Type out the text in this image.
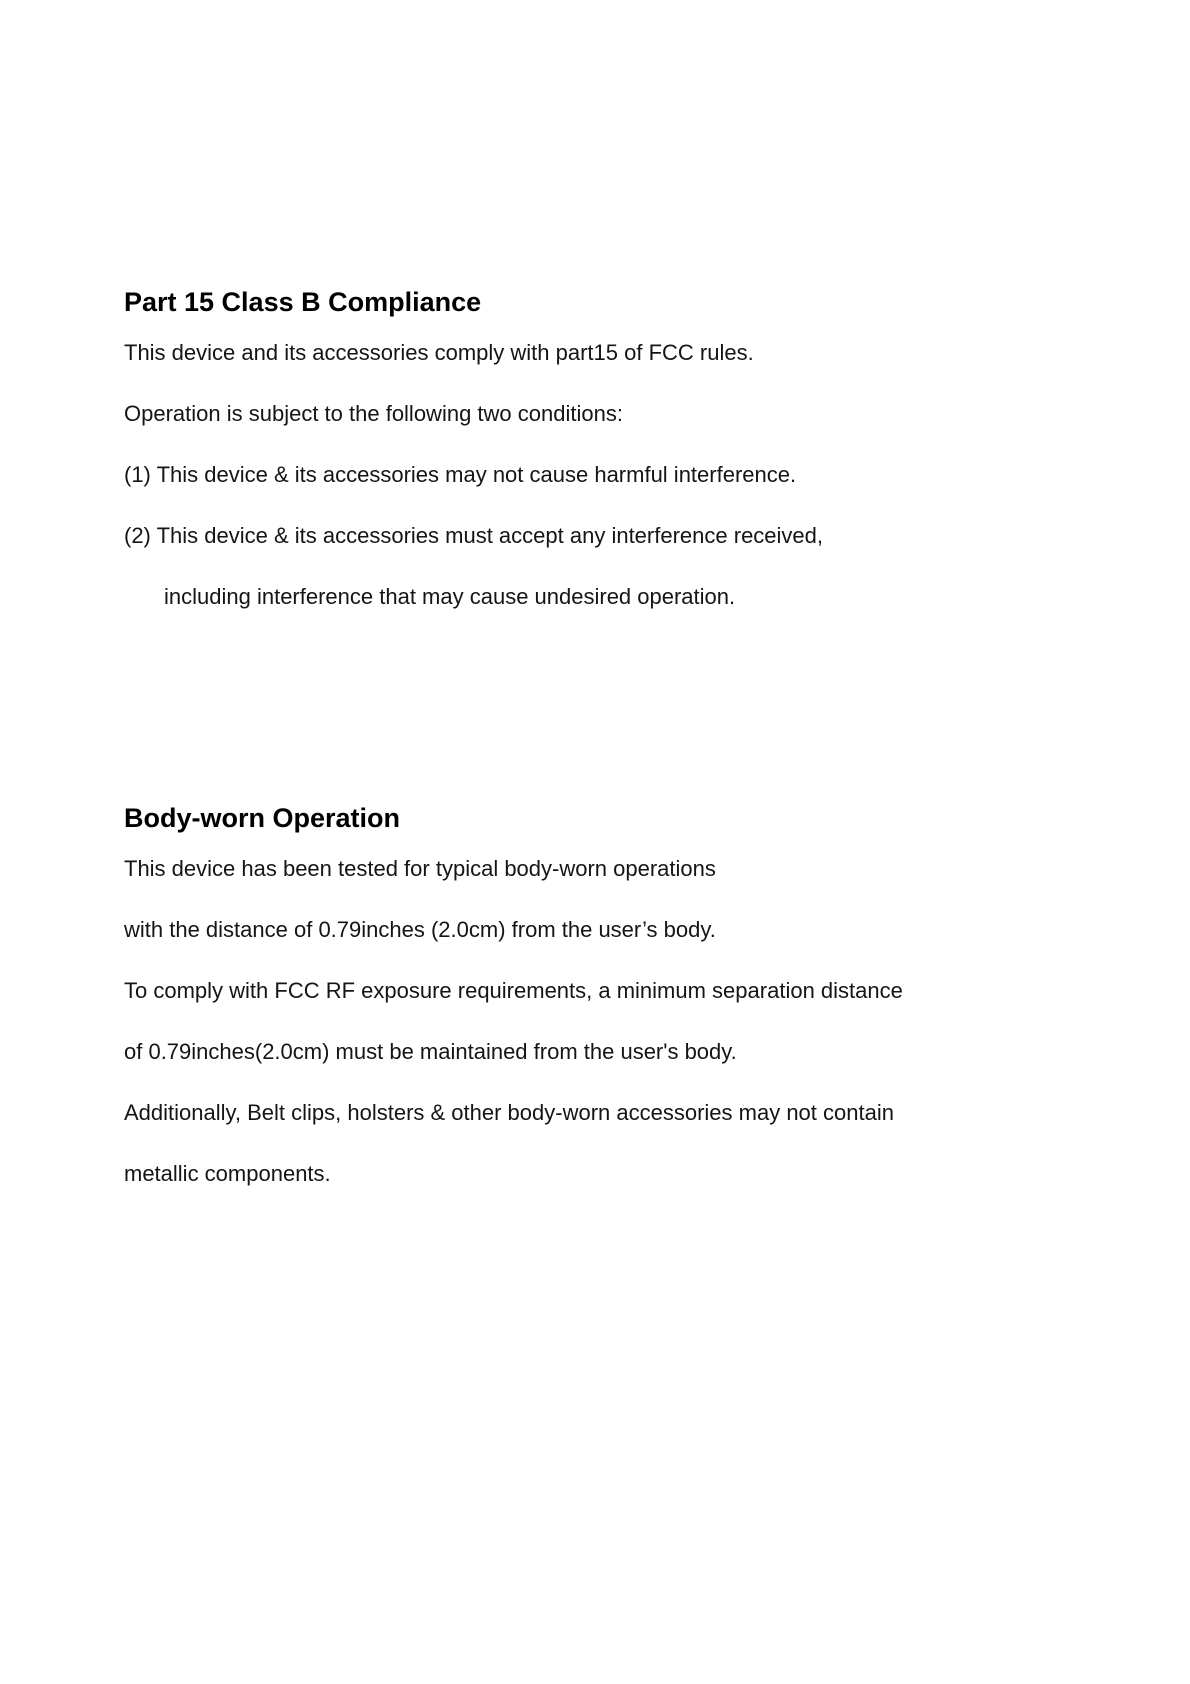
Part 15 Class B Compliance
This device and its accessories comply with part15 of FCC rules.
Operation is subject to the following two conditions:
(1) This device & its accessories may not cause harmful interference.
(2) This device & its accessories must accept any interference received,
including interference that may cause undesired operation.
Body-worn Operation
This device has been tested for typical body-worn operations
with the distance of 0.79inches (2.0cm) from the user’s body.
To comply with FCC RF exposure requirements, a minimum separation distance
of 0.79inches(2.0cm) must be maintained from the user's body.
Additionally, Belt clips, holsters & other body-worn accessories may not contain
metallic components.
